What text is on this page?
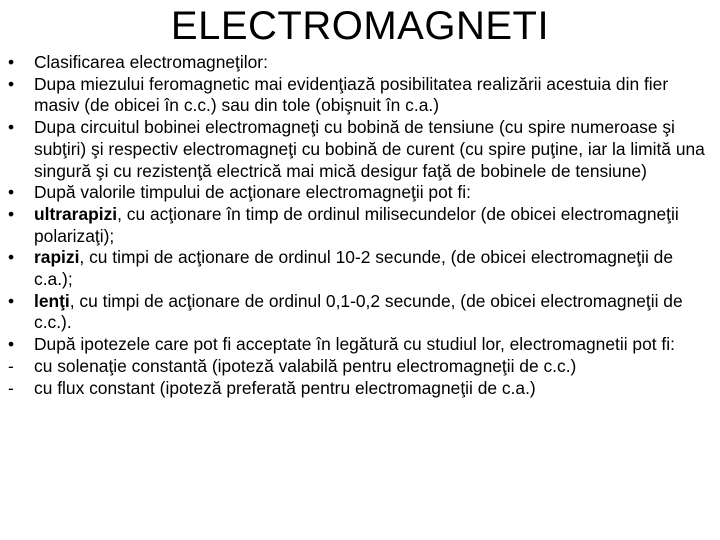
ELECTROMAGNETI
•	Clasificarea electromagneţilor:
•	Dupa miezului feromagnetic mai evidenţiază posibilitatea realizării acestuia din fier masiv (de obicei în c.c.) sau din tole (obişnuit în c.a.)
•	Dupa circuitul bobinei electromagneţi cu bobină de tensiune (cu spire numeroase şi subţiri) şi respectiv electromagneţi cu bobină de curent (cu spire puţine, iar la limită una singură şi cu rezistenţă electrică mai mică desigur faţă de bobinele de tensiune)
•	După valorile timpului de acţionare electromagneţii pot fi:
•	ultrarapizi, cu acţionare în timp de ordinul milisecundelor (de obicei electromagneţii polarizaţi);
•	rapizi, cu timpi de acţionare de ordinul 10-2 secunde, (de obicei electromagneţii de c.a.);
•	lenţi, cu timpi de acţionare de ordinul 0,1-0,2 secunde, (de obicei electromagneţii de c.c.).
•	După ipotezele care pot fi acceptate în legătură cu studiul lor, electromagnetii pot fi:
-	cu solenaţie constantă (ipoteză valabilă pentru electromagneţii de c.c.)
-	cu flux constant (ipoteză preferată pentru electromagneţii de c.a.)
